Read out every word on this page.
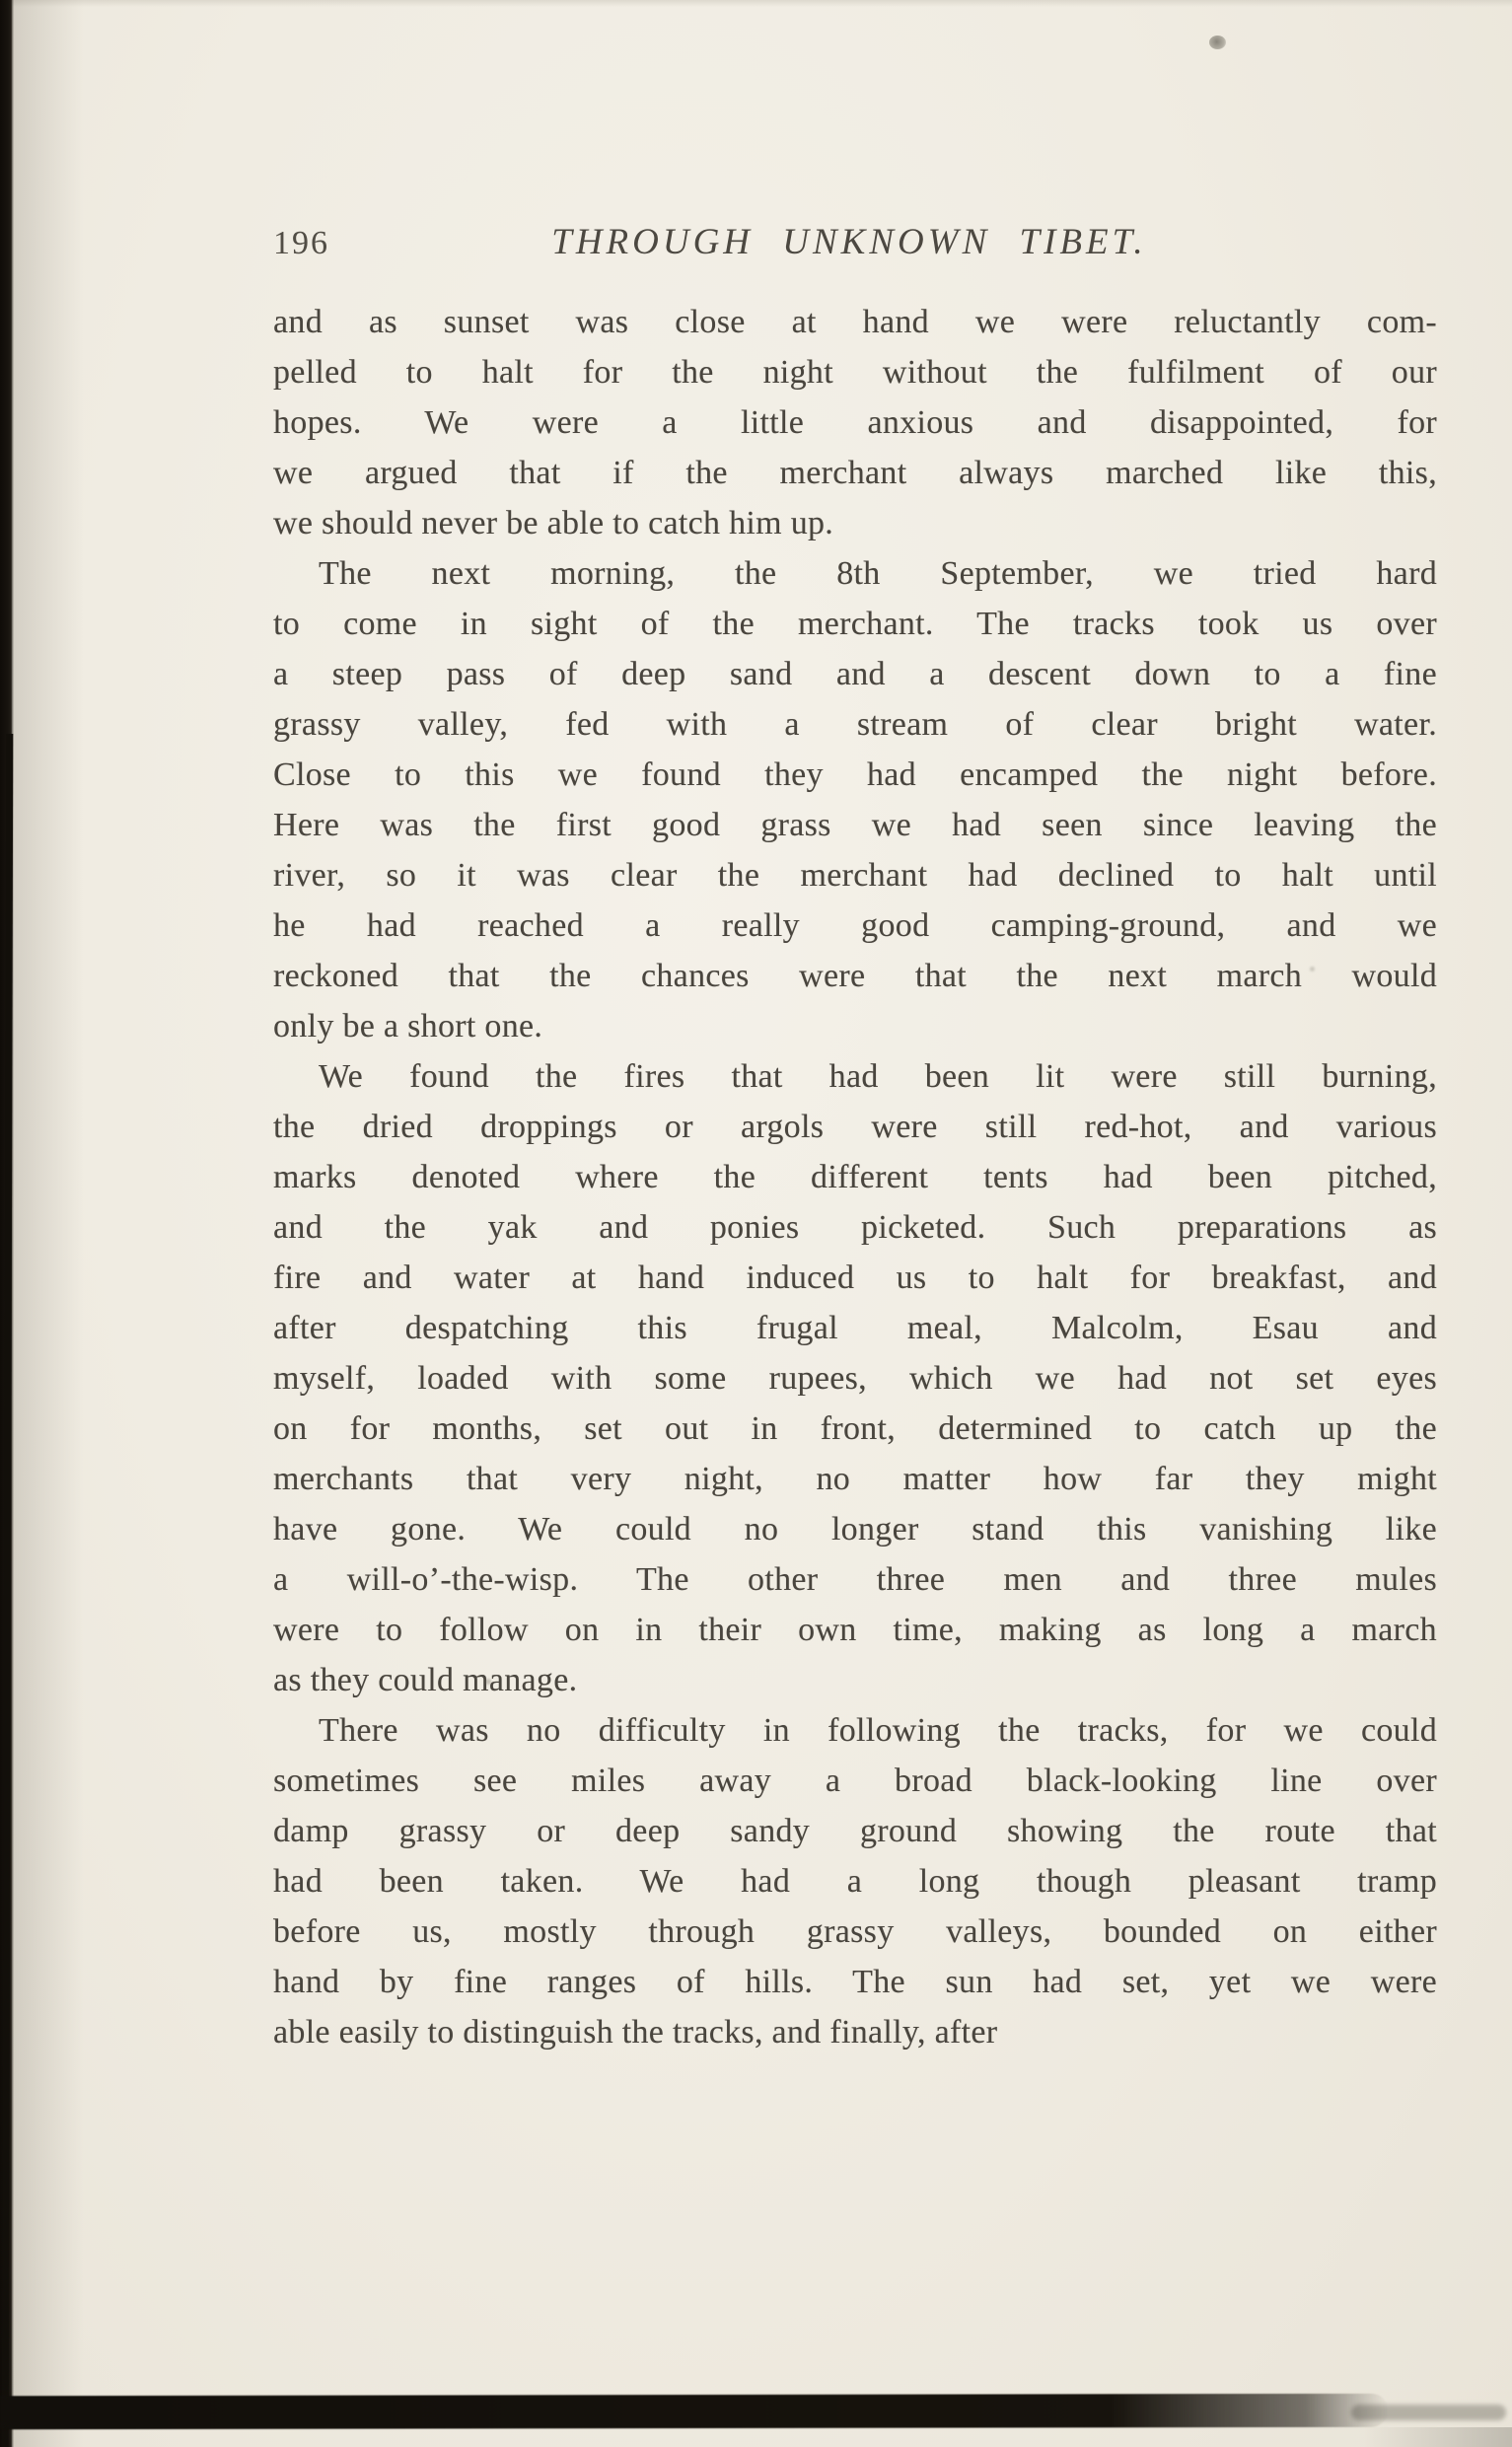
196	THROUGH UNKNOWN TIBET.
and as sunset was close at hand we were reluctantly com-
pelled to halt for the night without the fulfilment of our
hopes. We were a little anxious and disappointed, for
we argued that if the merchant always marched like this,
we should never be able to catch him up.
The next morning, the 8th September, we tried hard
to come in sight of the merchant. The tracks took us over
a steep pass of deep sand and a descent down to a fine
grassy valley, fed with a stream of clear bright water.
Close to this we found they had encamped the night before.
Here was the first good grass we had seen since leaving the
river, so it was clear the merchant had declined to halt until
he had reached a really good camping-ground, and we
reckoned that the chances were that the next march would
only be a short one.
We found the fires that had been lit were still burning,
the dried droppings or argols were still red-hot, and various
marks denoted where the different tents had been pitched,
and the yak and ponies picketed. Such preparations as
fire and water at hand induced us to halt for breakfast, and
after despatching this frugal meal, Malcolm, Esau and
myself, loaded with some rupees, which we had not set eyes
on for months, set out in front, determined to catch up the
merchants that very night, no matter how far they might
have gone. We could no longer stand this vanishing like
a will-o’-the-wisp. The other three men and three mules
were to follow on in their own time, making as long a march
as they could manage.
There was no difficulty in following the tracks, for we could
sometimes see miles away a broad black-looking line over
damp grassy or deep sandy ground showing the route that
had been taken. We had a long though pleasant tramp
before us, mostly through grassy valleys, bounded on either
hand by fine ranges of hills. The sun had set, yet we were
able easily to distinguish the tracks, and finally, after
